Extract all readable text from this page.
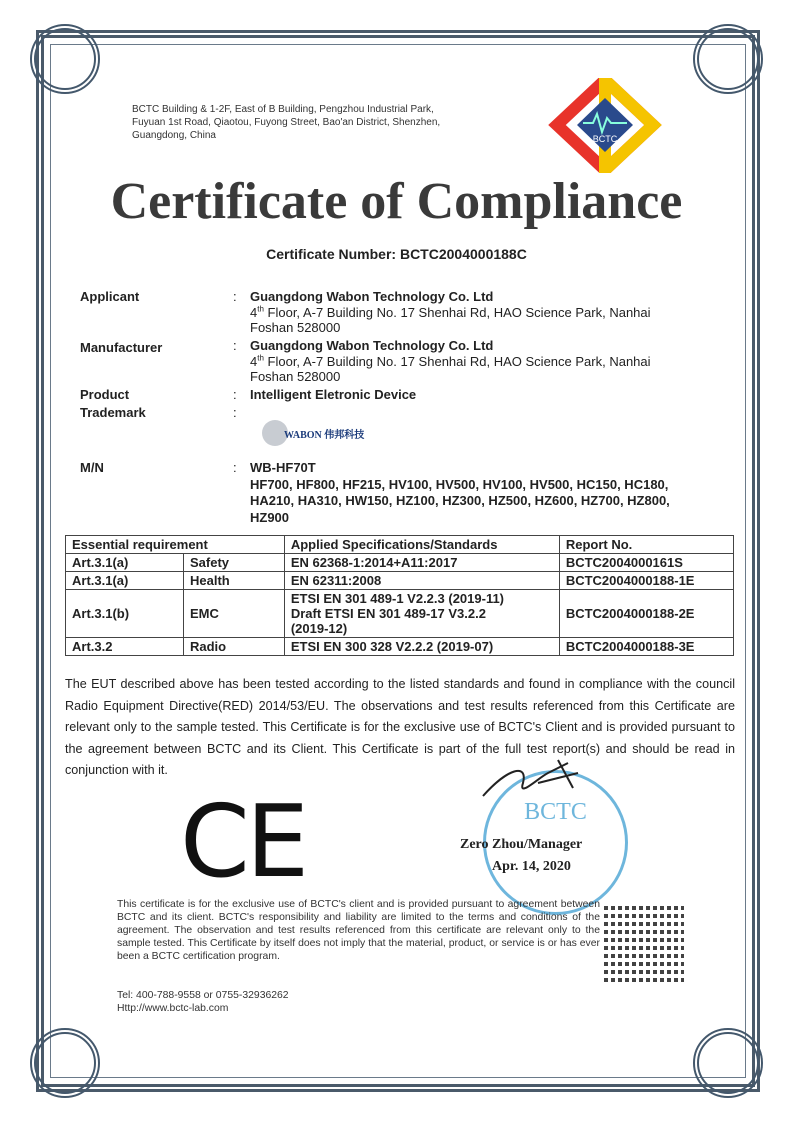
BCTC Building & 1-2F, East of B Building, Pengzhou Industrial Park,
Fuyuan 1st Road, Qiaotou, Fuyong Street, Bao'an District, Shenzhen,
Guangdong, China	BCTC
Certificate of Compliance
Certificate Number: BCTC2004000188C
Applicant	: Guangdong Wabon Technology Co. Ltd
4th Floor, A-7 Building No. 17 Shenhai Rd, HAO Science Park, Nanhai
Foshan 528000
Manufacturer	: Guangdong Wabon Technology Co. Ltd
4th Floor, A-7 Building No. 17 Shenhai Rd, HAO Science Park, Nanhai
Foshan 528000
Product	: Intelligent Eletronic Device
Trademark	:
WABON 伟邦科技
M/N	: WB-HF70T
HF700, HF800, HF215, HV100, HV500, HV100, HV500, HC150, HC180,
HA210, HA310, HW150, HZ100, HZ300, HZ500, HZ600, HZ700, HZ800,
HZ900
Essential requirement		Applied Specifications/Standards	Report No.
Art.3.1(a)	Safety	EN 62368-1:2014+A11:2017	BCTC2004000161S
Art.3.1(a)	Health	EN 62311:2008	BCTC2004000188-1E
Art.3.1(b)	EMC	ETSI EN 301 489-1 V2.2.3 (2019-11)
Draft ETSI EN 301 489-17 V3.2.2
(2019-12)	BCTC2004000188-2E
Art.3.2	Radio	ETSI EN 300 328 V2.2.2 (2019-07)	BCTC2004000188-3E
The EUT described above has been tested according to the listed standards and found in compliance with the council Radio Equipment Directive(RED) 2014/53/EU. The observations and test results referenced from this Certificate are relevant only to the sample tested. This Certificate is for the exclusive use of BCTC's Client and is provided pursuant to the agreement between BCTC and its Client. This Certificate is part of the full test report(s) and should be read in conjunction with it.
CE	BCTC
Zero Zhou/Manager
Apr. 14, 2020
This certificate is for the exclusive use of BCTC's client and is provided pursuant to agreement between BCTC and its client. BCTC's responsibility and liability are limited to the terms and conditions of the agreement. The observation and test results referenced from this certificate are relevant only to the sample tested. This Certificate by itself does not imply that the material, product, or service is or has ever been a BCTC certification program.
Tel: 400-788-9558 or 0755-32936262
Http://www.bctc-lab.com
